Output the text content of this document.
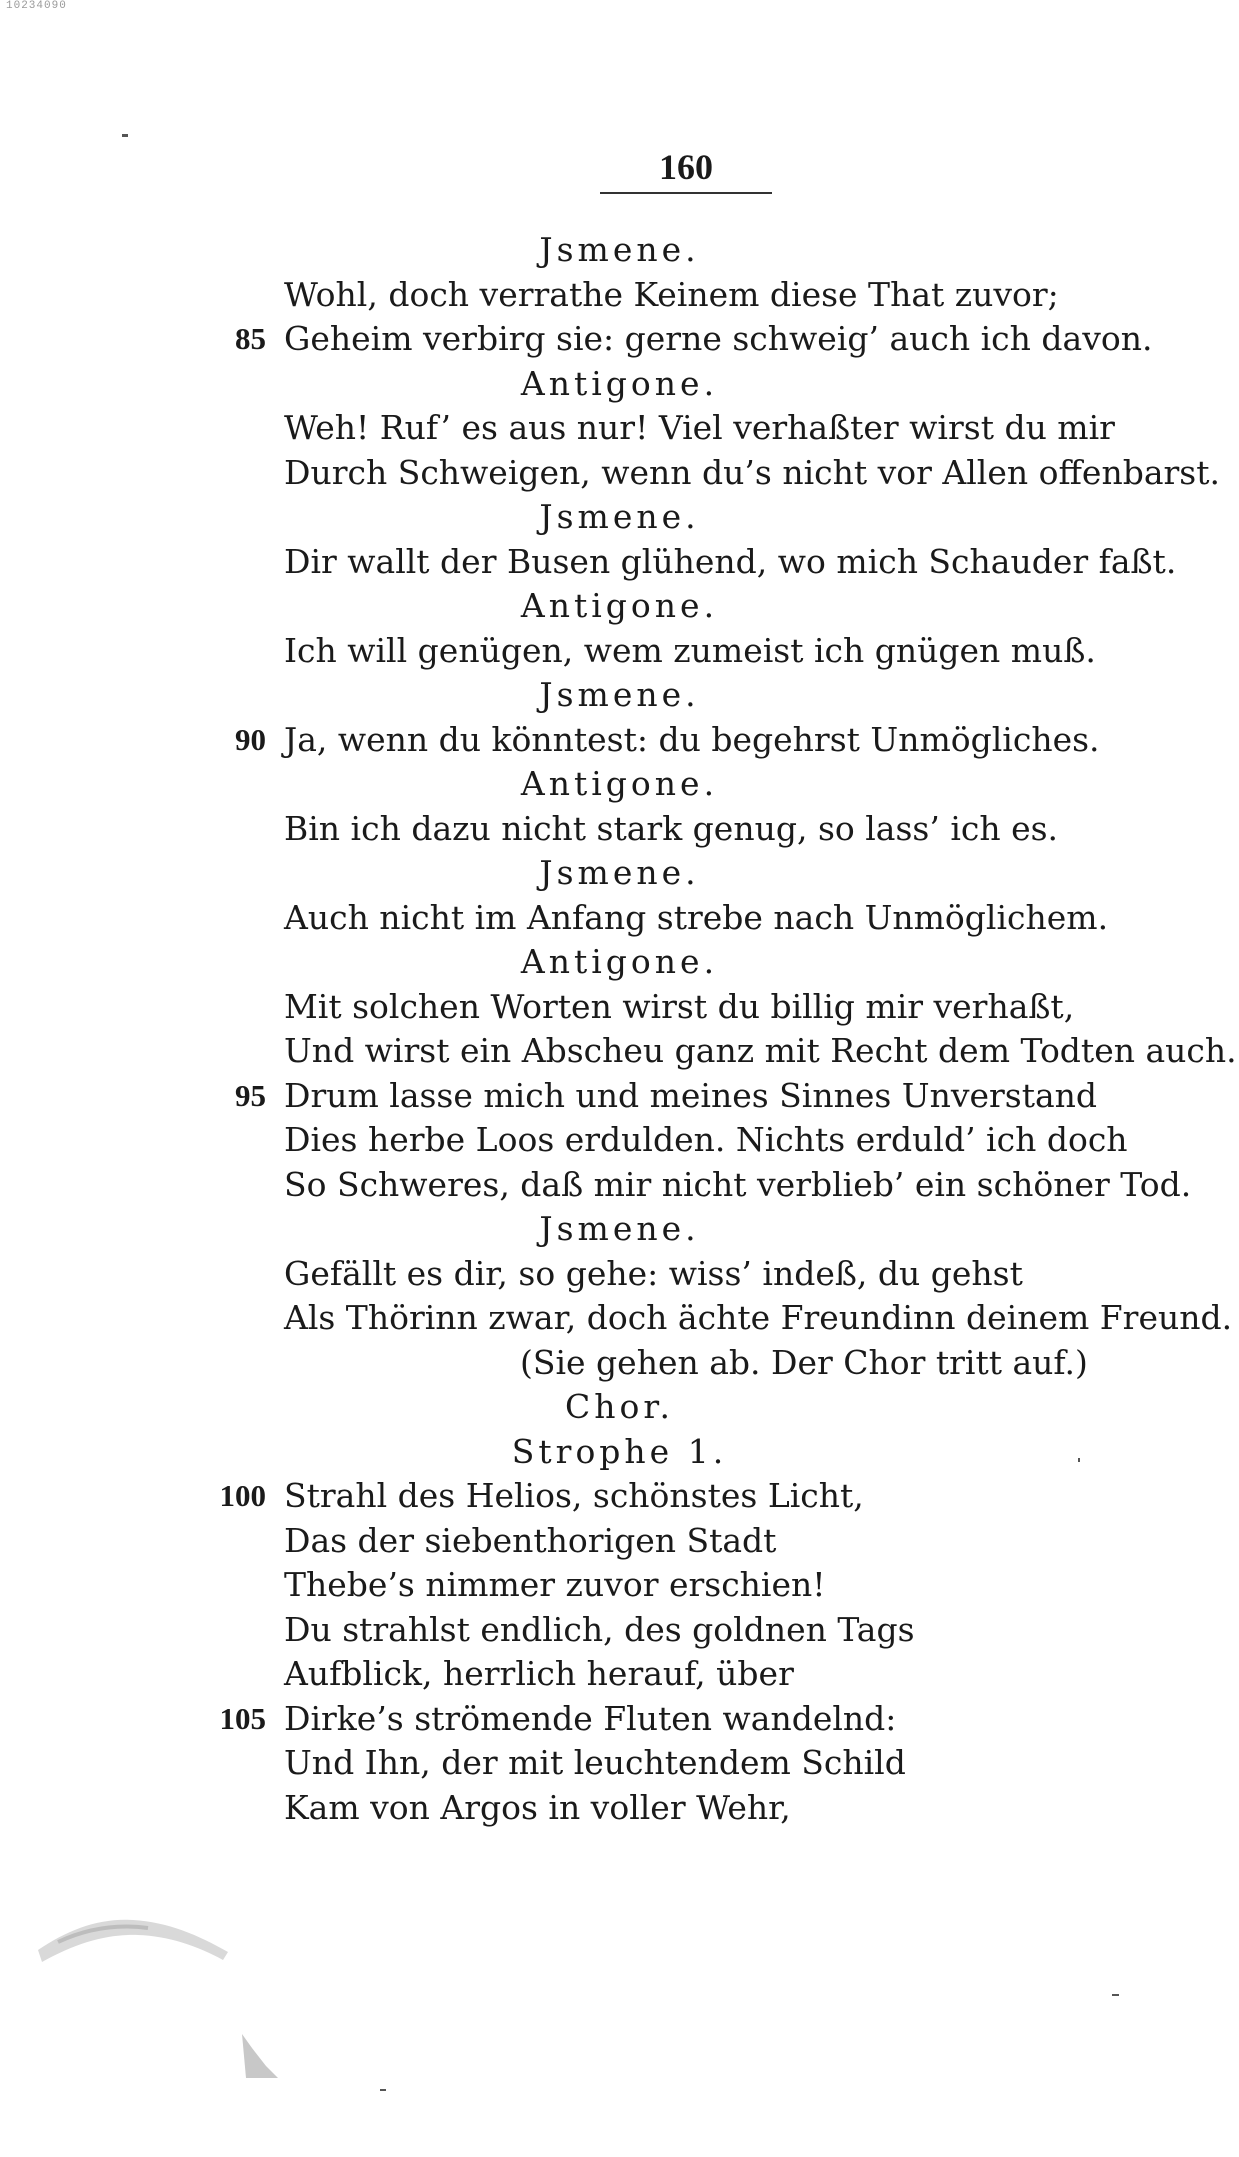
10234090
160
Jsmene.
Wohl, doch verrathe Keinem diese That zuvor;
Geheim verbirg sie: gerne schweig’ auch ich davon.
85
Antigone.
Weh! Ruf’ es aus nur! Viel verhaßter wirst du mir
Durch Schweigen, wenn du’s nicht vor Allen offenbarst.
Jsmene.
Dir wallt der Busen glühend, wo mich Schauder faßt.
Antigone.
Ich will genügen, wem zumeist ich gnügen muß.
Jsmene.
Ja, wenn du könntest: du begehrst Unmögliches.
90
Antigone.
Bin ich dazu nicht stark genug, so lass’ ich es.
Jsmene.
Auch nicht im Anfang strebe nach Unmöglichem.
Antigone.
Mit solchen Worten wirst du billig mir verhaßt,
Und wirst ein Abscheu ganz mit Recht dem Todten auch.
Drum lasse mich und meines Sinnes Unverstand
95
Dies herbe Loos erdulden. Nichts erduld’ ich doch
So Schweres, daß mir nicht verblieb’ ein schöner Tod.
Jsmene.
Gefällt es dir, so gehe: wiss’ indeß, du gehst
Als Thörinn zwar, doch ächte Freundinn deinem Freund.
(Sie gehen ab. Der Chor tritt auf.)
Chor.
Strophe 1.
Strahl des Helios, schönstes Licht,
100
Das der siebenthorigen Stadt
Thebe’s nimmer zuvor erschien!
Du strahlst endlich, des goldnen Tags
Aufblick, herrlich herauf, über
Dirke’s strömende Fluten wandelnd:
105
Und Ihn, der mit leuchtendem Schild
Kam von Argos in voller Wehr,
